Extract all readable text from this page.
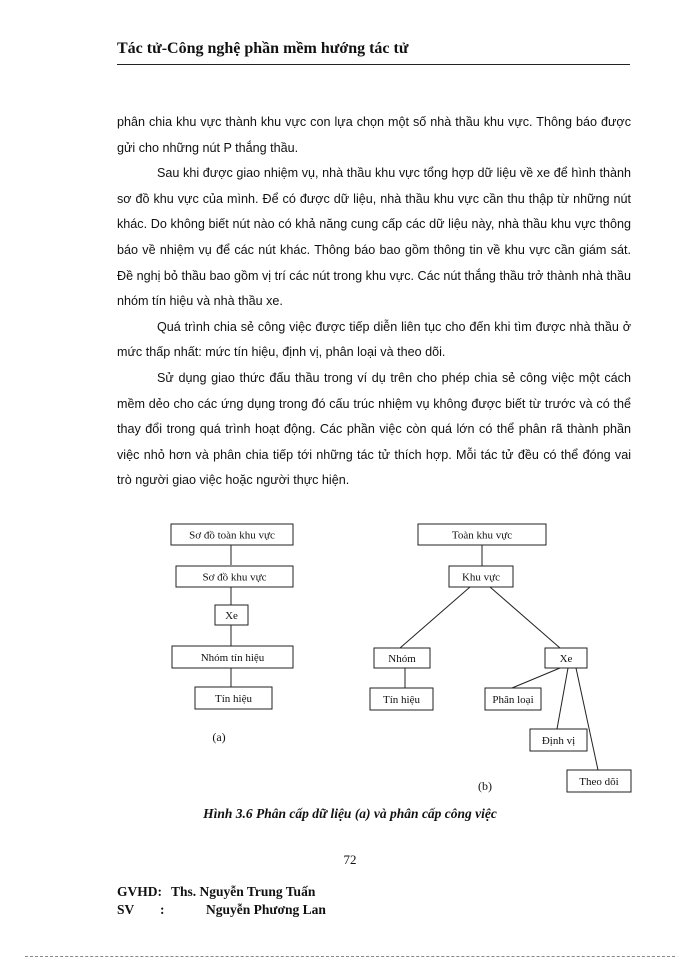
Tác tử-Công nghệ phần mềm hướng tác tử

phân chia khu vực thành khu vực con lựa chọn một số nhà thầu khu vực. Thông báo được gửi cho những nút P thắng thầu.

Sau khi được giao nhiệm vụ, nhà thầu khu vực tổng hợp dữ liệu về xe để hình thành sơ đồ khu vực của mình. Để có được dữ liệu, nhà thầu khu vực cần thu thập từ những nút khác. Do không biết nút nào có khả năng cung cấp các dữ liệu này, nhà thầu khu vực thông báo về nhiệm vụ để các nút khác. Thông báo bao gồm thông tin về khu vực cần giám sát. Đề nghị bỏ thầu bao gồm vị trí các nút trong khu vực. Các nút thắng thầu trở thành nhà thầu nhóm tín hiệu và nhà thầu xe.

Quá trình chia sẻ công việc được tiếp diễn liên tục cho đến khi tìm được nhà thầu ở mức thấp nhất: mức tín hiệu, định vị, phân loại và theo dõi.

Sử dụng giao thức đấu thầu trong ví dụ trên cho phép chia sẻ công việc một cách mềm dẻo cho các ứng dụng trong đó cấu trúc nhiệm vụ không được biết từ trước và có thể thay đổi trong quá trình hoạt động. Các phần việc còn quá lớn có thể phân rã thành phần việc nhỏ hơn và phân chia tiếp tới những tác tử thích hợp. Mỗi tác tử đều có thể đóng vai trò người giao việc hoặc người thực hiện.

Sơ đồ toàn khu vực
Sơ đồ khu vực
Xe
Nhóm tín hiệu
Tín hiệu
Toàn khu vực
Khu vực
Nhóm	Xe
Tín hiệu	Phân loại
Định vị
Theo dõi
(a)
(b)
Hình 3.6 Phân cấp dữ liệu (a) và phân cấp công việc
72
GVHD: Ths. Nguyễn Trung Tuấn
SV :	Nguyễn Phương Lan
